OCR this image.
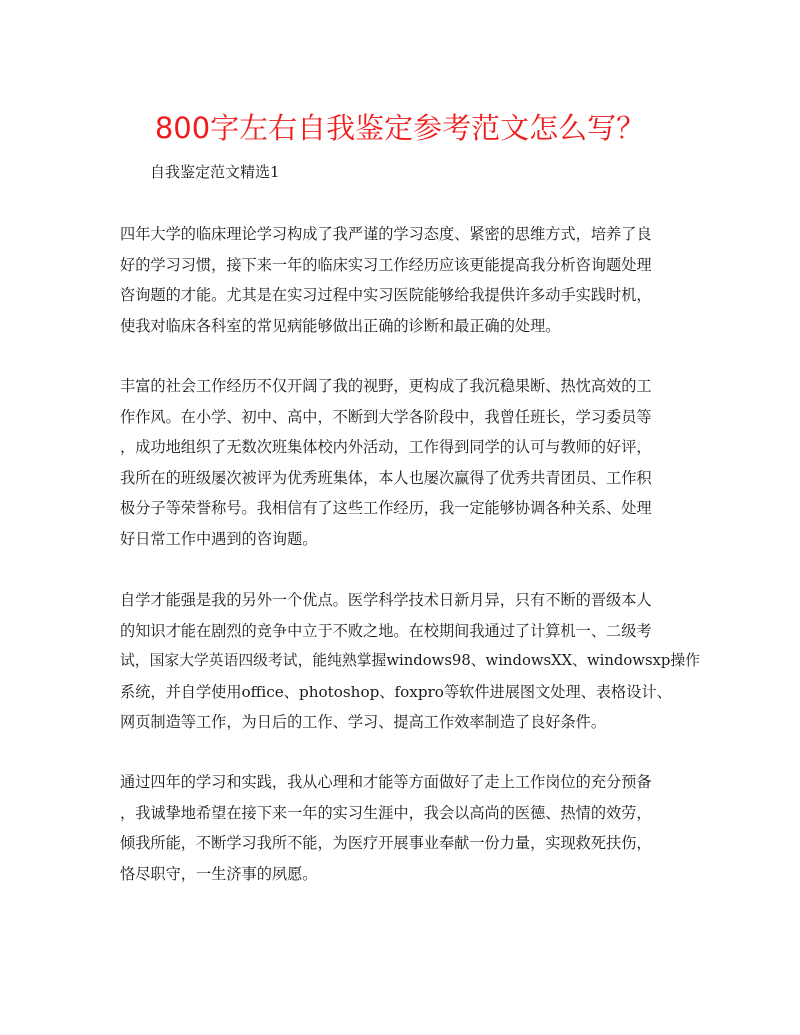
800字左右自我鉴定参考范文怎么写？
自我鉴定范文精选1

四年大学的临床理论学习构成了我严谨的学习态度、紧密的思维方式，培养了良
好的学习习惯，接下来一年的临床实习工作经历应该更能提高我分析咨询题处理
咨询题的才能。尤其是在实习过程中实习医院能够给我提供许多动手实践时机，
使我对临床各科室的常见病能够做出正确的诊断和最正确的处理。

丰富的社会工作经历不仅开阔了我的视野，更构成了我沉稳果断、热忱高效的工
作作风。在小学、初中、高中，不断到大学各阶段中，我曾任班长，学习委员等
，成功地组织了无数次班集体校内外活动，工作得到同学的认可与教师的好评，
我所在的班级屡次被评为优秀班集体，本人也屡次赢得了优秀共青团员、工作积
极分子等荣誉称号。我相信有了这些工作经历，我一定能够协调各种关系、处理
好日常工作中遇到的咨询题。

自学才能强是我的另外一个优点。医学科学技术日新月异，只有不断的晋级本人
的知识才能在剧烈的竞争中立于不败之地。在校期间我通过了计算机一、二级考
试，国家大学英语四级考试，能纯熟掌握windows98、windowsXX、windowsxp操作
系统，并自学使用office、photoshop、foxpro等软件进展图文处理、表格设计、
网页制造等工作，为日后的工作、学习、提高工作效率制造了良好条件。

通过四年的学习和实践，我从心理和才能等方面做好了走上工作岗位的充分预备
，我诚挚地希望在接下来一年的实习生涯中，我会以高尚的医德、热情的效劳，
倾我所能，不断学习我所不能，为医疗开展事业奉献一份力量，实现救死扶伤，
恪尽职守，一生济事的夙愿。
